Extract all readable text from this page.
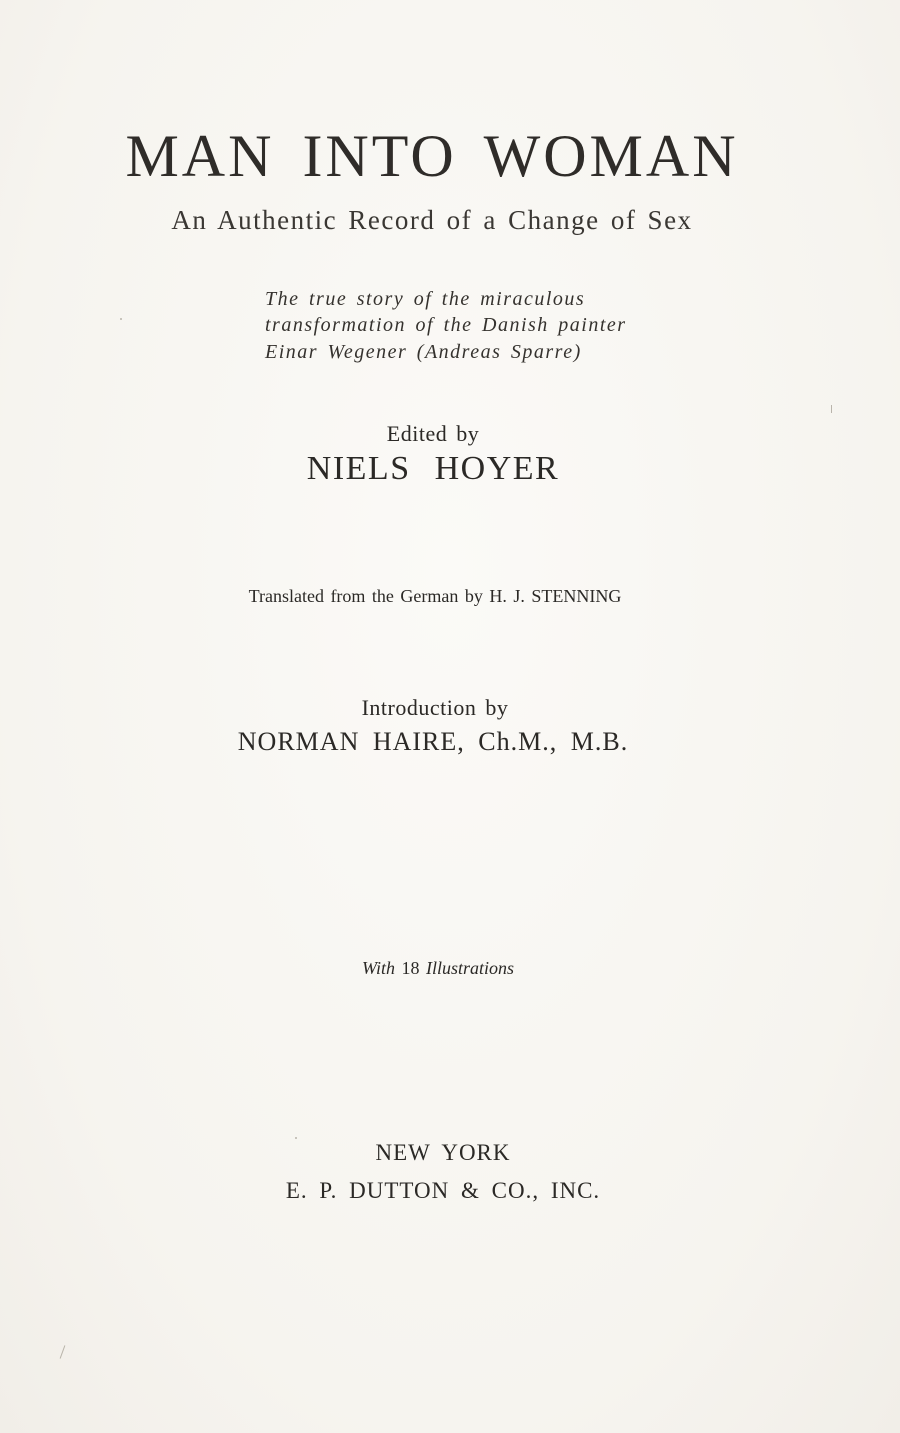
MAN INTO WOMAN
An Authentic Record of a Change of Sex
The true story of the miraculous
transformation of the Danish painter
Einar Wegener (Andreas Sparre)
Edited by
NIELS HOYER
Translated from the German by H. J. STENNING
Introduction by
NORMAN HAIRE, Ch.M., M.B.
With 18 Illustrations
NEW YORK
E. P. DUTTON & CO., INC.
